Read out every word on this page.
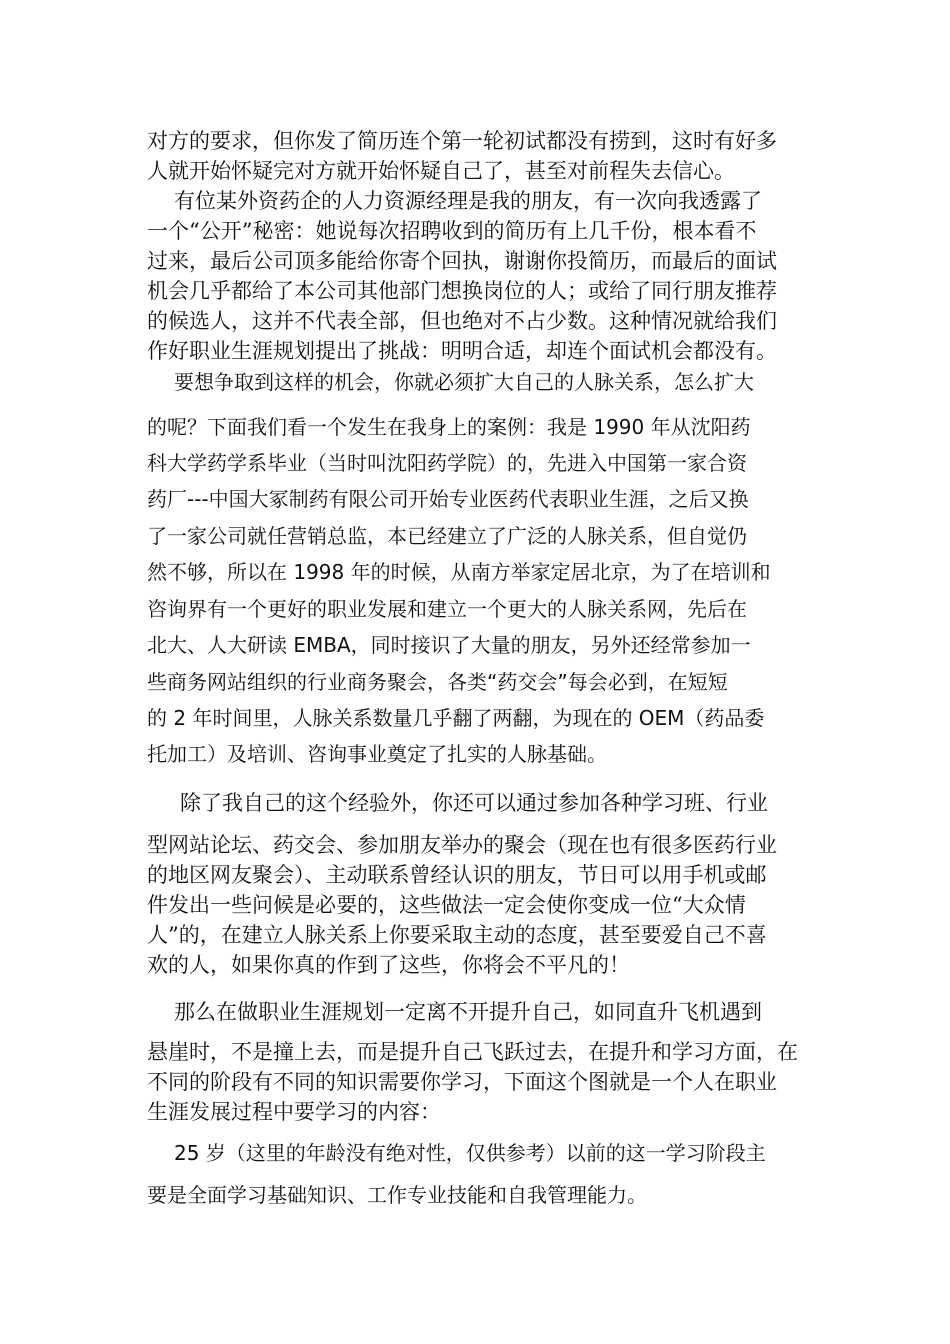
对方的要求，但你发了简历连个第一轮初试都没有捞到，这时有好多
人就开始怀疑完对方就开始怀疑自己了，甚至对前程失去信心。
有位某外资药企的人力资源经理是我的朋友，有一次向我透露了
一个“公开”秘密：她说每次招聘收到的简历有上几千份，根本看不
过来，最后公司顶多能给你寄个回执，谢谢你投简历，而最后的面试
机会几乎都给了本公司其他部门想换岗位的人；或给了同行朋友推荐
的候选人，这并不代表全部，但也绝对不占少数。这种情况就给我们
作好职业生涯规划提出了挑战：明明合适，却连个面试机会都没有。
要想争取到这样的机会，你就必须扩大自己的人脉关系，怎么扩大
的呢？下面我们看一个发生在我身上的案例：我是 1990 年从沈阳药
科大学药学系毕业（当时叫沈阳药学院）的，先进入中国第一家合资
药厂---中国大冢制药有限公司开始专业医药代表职业生涯，之后又换
了一家公司就任营销总监，本已经建立了广泛的人脉关系，但自觉仍
然不够，所以在 1998 年的时候，从南方举家定居北京，为了在培训和
咨询界有一个更好的职业发展和建立一个更大的人脉关系网，先后在
北大、人大研读 EMBA，同时接识了大量的朋友，另外还经常参加一
些商务网站组织的行业商务聚会，各类“药交会”每会必到，在短短
的 2 年时间里，人脉关系数量几乎翻了两翻，为现在的 OEM（药品委
托加工）及培训、咨询事业奠定了扎实的人脉基础。
除了我自己的这个经验外，你还可以通过参加各种学习班、行业
型网站论坛、药交会、参加朋友举办的聚会（现在也有很多医药行业
的地区网友聚会）、主动联系曾经认识的朋友，节日可以用手机或邮
件发出一些问候是必要的，这些做法一定会使你变成一位“大众情
人”的，在建立人脉关系上你要采取主动的态度，甚至要爱自己不喜
欢的人，如果你真的作到了这些，你将会不平凡的！
那么在做职业生涯规划一定离不开提升自己，如同直升飞机遇到
悬崖时，不是撞上去，而是提升自己飞跃过去，在提升和学习方面，在
不同的阶段有不同的知识需要你学习，下面这个图就是一个人在职业
生涯发展过程中要学习的内容：
25 岁（这里的年龄没有绝对性，仅供参考）以前的这一学习阶段主
要是全面学习基础知识、工作专业技能和自我管理能力。
